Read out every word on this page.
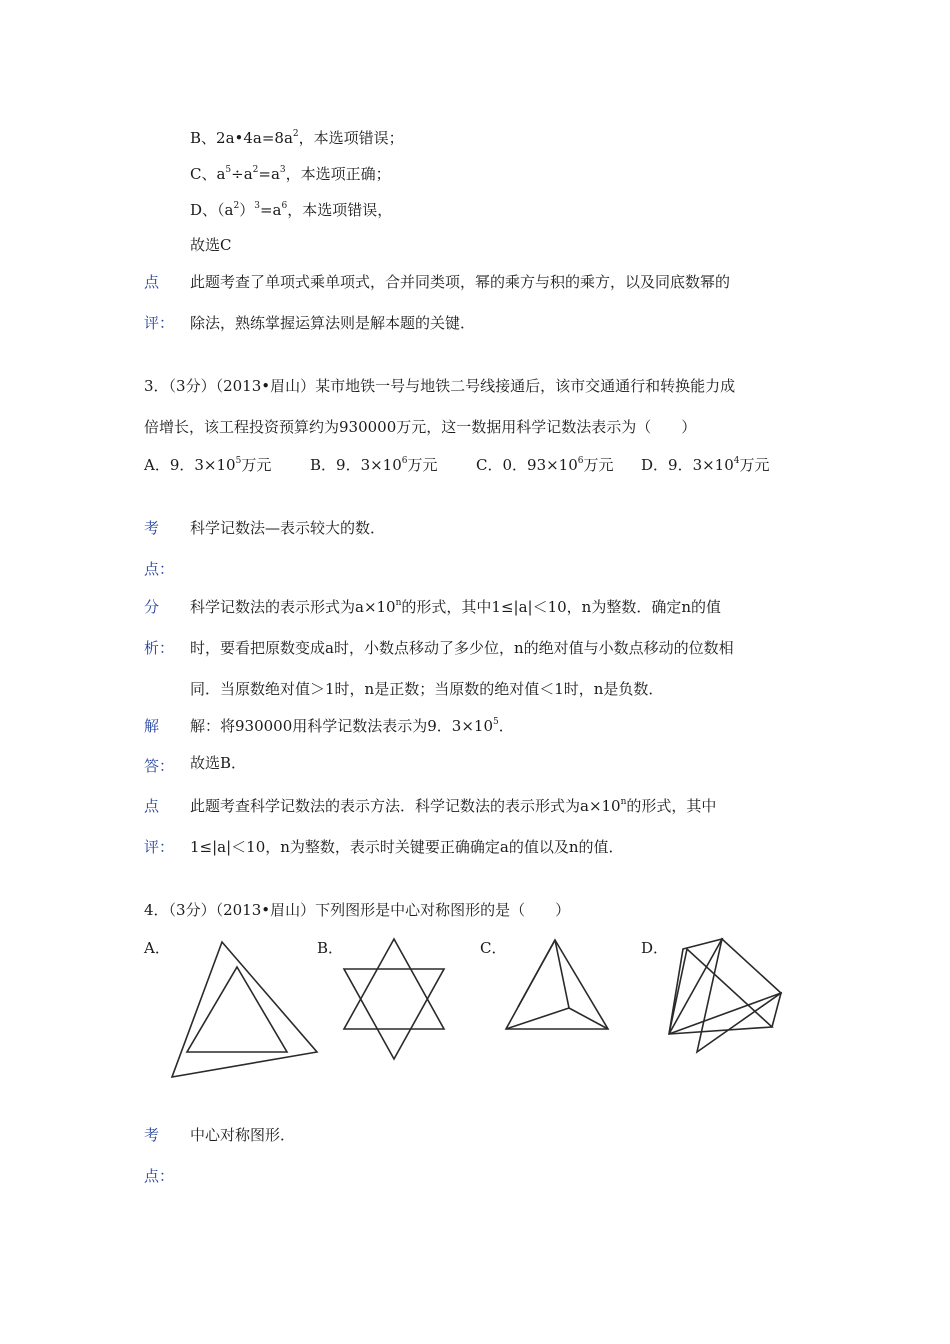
B、$2a•4a=8a^2$，本选项错误；
C、$a^5\div a^2=a^3$，本选项正确；
D、$(a^2)^3=a^6$，本选项错误，
故选C
点 此题考查了单项式乘单项式，合并同类项，幂的乘方与积的乘方，以及同底数幂的
评： 除法，熟练掌握运算法则是解本题的关键．
3．（3分）（2013•眉山）某市地铁一号与地铁二号线接通后，该市交通通行和转换能力成
倍增长，该工程投资预算约为930000万元，这一数据用科学记数法表示为（　　）
A．9．$3\times 10^5$万元	B．9．$3\times 10^6$万元	C．0．$93\times 10^6$万元 D．9．$3\times 10^4$万元
考 科学记数法—表示较大的数．
点：
分 科学记数法的表示形式为$a\times 10^n$的形式，其中1≤|a|＜10，n为整数．确定n的值
析： 时，要看把原数变成a时，小数点移动了多少位，n的绝对值与小数点移动的位数相
同．当原数绝对值＞1时，n是正数；当原数的绝对值＜1时，n是负数．
解 解：将930000用科学记数法表示为9．$3\times 10^5$．
答： 故选B．
点 此题考查科学记数法的表示方法．科学记数法的表示形式为$a\times 10^n$的形式，其中
评： 1≤|a|＜10，n为整数，表示时关键要正确确定a的值以及n的值．
4．（3分）（2013•眉山）下列图形是中心对称图形的是（　　）
A．	B．	C．	D．
考 中心对称图形．
点：
